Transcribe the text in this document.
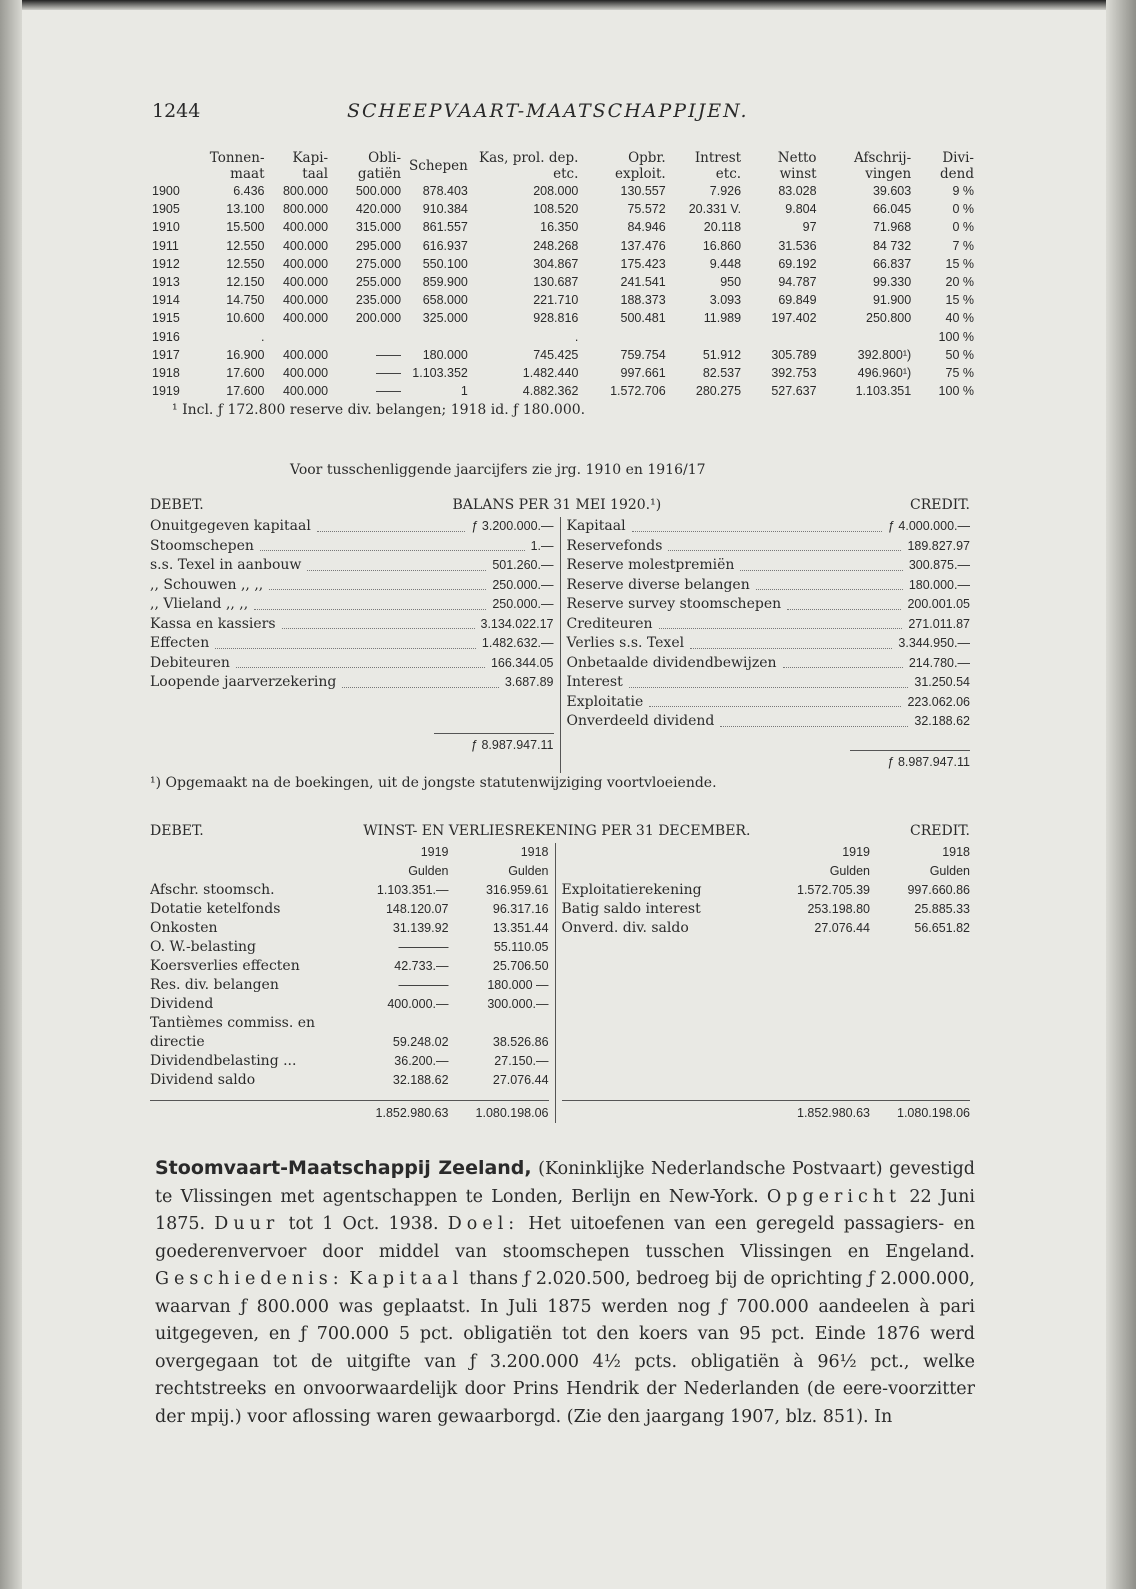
1244	SCHEEPVAART-MAATSCHAPPIJEN.
	Tonnen-maat	Kapi-taal	Obli-gatiën	Schepen	Kas, prol. dep. etc.	Opbr. exploit.	Intrest etc.	Netto winst	Afschrij-vingen	Divi-dend
1900	6.436	800.000	500.000	878.403	208.000	130.557	7.926	83.028	39.603	9 %
1905	13.100	800.000	420.000	910.384	108.520	75.572	20.331 V.	9.804	66.045	0 %
1910	15.500	400.000	315.000	861.557	16.350	84.946	20.118	97	71.968	0 %
1911	12.550	400.000	295.000	616.937	248.268	137.476	16.860	31.536	84 732	7 %
1912	12.550	400.000	275.000	550.100	304.867	175.423	9.448	69.192	66.837	15 %
1913	12.150	400.000	255.000	859.900	130.687	241.541	950	94.787	99.330	20 %
1914	14.750	400.000	235.000	658.000	221.710	188.373	3.093	69.849	91.900	15 %
1915	10.600	400.000	200.000	325.000	928.816	500.481	11.989	197.402	250.800	40 %
1916	.				.					100 %
1917	16.900	400.000	——	180.000	745.425	759.754	51.912	305.789	392.800¹)	50 %
1918	17.600	400.000	——	1.103.352	1.482.440	997.661	82.537	392.753	496.960¹)	75 %
1919	17.600	400.000	——	1	4.882.362	1.572.706	280.275	527.637	1.103.351	100 %
¹ Incl. ƒ 172.800 reserve div. belangen; 1918 id. ƒ 180.000.
Voor tusschenliggende jaarcijfers zie jrg. 1910 en 1916/17
DEBET.	BALANS PER 31 MEI 1920.¹)	CREDIT.
Onuitgegeven kapitaal	ƒ 3.200.000.—
Stoomschepen	1.—
s.s. Texel in aanbouw	501.260.—
,, Schouwen ,, ,,	250.000.—
,, Vlieland ,, ,,	250.000.—
Kassa en kassiers	3.134.022.17
Effecten	1.482.632.—
Debiteuren	166.344.05
Loopende jaarverzekering	3.687.89
ƒ 8.987.947.11
Kapitaal	ƒ 4.000.000.—
Reservefonds	189.827.97
Reserve molestpremiën	300.875.—
Reserve diverse belangen	180.000.—
Reserve survey stoomschepen	200.001.05
Crediteuren	271.011.87
Verlies s.s. Texel	3.344.950.—
Onbetaalde dividendbewijzen	214.780.—
Interest	31.250.54
Exploitatie	223.062.06
Onverdeeld dividend	32.188.62
ƒ 8.987.947.11
¹) Opgemaakt na de boekingen, uit de jongste statutenwijziging voortvloeiende.
DEBET.	WINST- EN VERLIESREKENING PER 31 DECEMBER.	CREDIT.
1919	1918
Gulden	Gulden
Afschr. stoomsch.	1.103.351.—	316.959.61
Dotatie ketelfonds	148.120.07	96.317.16
Onkosten	31.139.92	13.351.44
O. W.-belasting	————	55.110.05
Koersverlies effecten	42.733.—	25.706.50
Res. div. belangen	————	180.000 —
Dividend	400.000.—	300.000.—
Tantièmes commiss. en
directie	59.248.02	38.526.86
Dividendbelasting ...	36.200.—	27.150.—
Dividend saldo	32.188.62	27.076.44
1.852.980.63	1.080.198.06
1919	1918
Gulden	Gulden
Exploitatierekening	1.572.705.39	997.660.86
Batig saldo interest	253.198.80	25.885.33
Onverd. div. saldo	27.076.44	56.651.82
1.852.980.63	1.080.198.06
Stoomvaart-Maatschappij Zeeland, (Koninklijke Nederlandsche Postvaart) gevestigd te Vlissingen met agentschappen te Londen, Berlijn en New-York. Opgericht 22 Juni 1875. Duur tot 1 Oct. 1938. Doel: Het uitoefenen van een geregeld passagiers- en goederenvervoer door middel van stoomschepen tusschen Vlissingen en Engeland. Geschiedenis: Kapitaal thans ƒ 2.020.500, bedroeg bij de oprichting ƒ 2.000.000, waarvan ƒ 800.000 was geplaatst. In Juli 1875 werden nog ƒ 700.000 aandeelen à pari uitgegeven, en ƒ 700.000 5 pct. obligatiën tot den koers van 95 pct. Einde 1876 werd overgegaan tot de uitgifte van ƒ 3.200.000 4½ pcts. obligatiën à 96½ pct., welke rechtstreeks en onvoorwaardelijk door Prins Hendrik der Nederlanden (de eere-voorzitter der mpij.) voor aflossing waren gewaarborgd. (Zie den jaargang 1907, blz. 851). In
